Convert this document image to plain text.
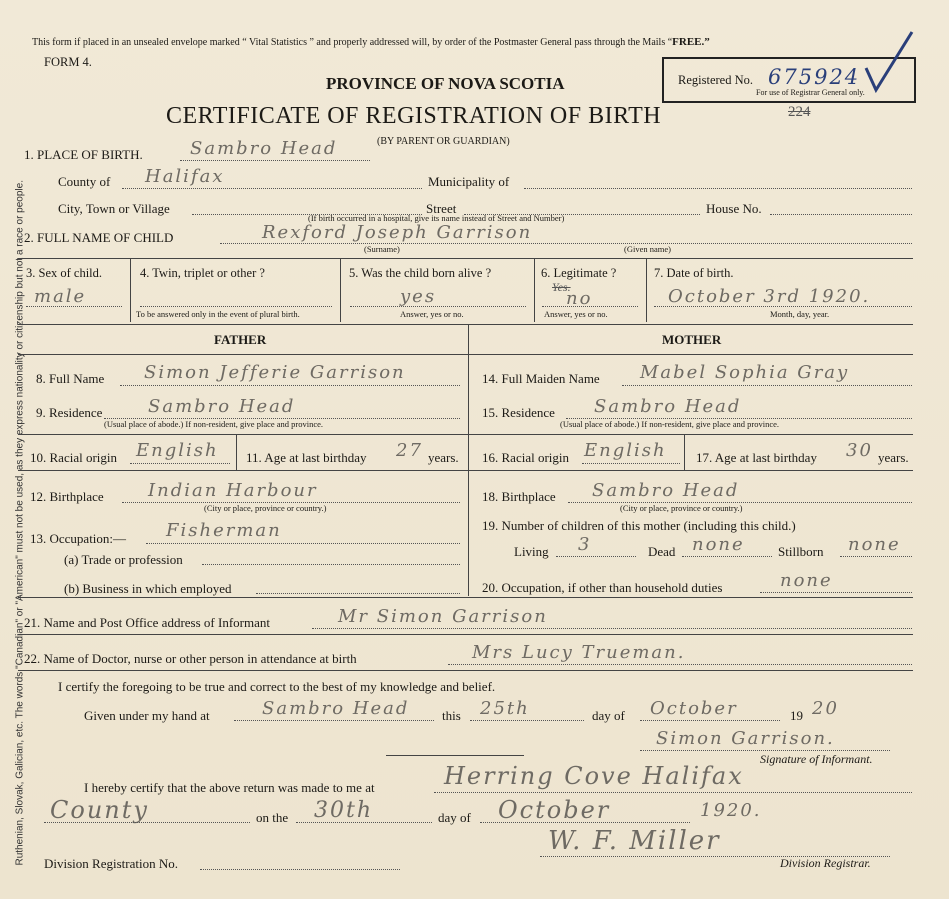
Ruthenian, Slovak, Galician, etc. The words "Canadian" or "American" must not be used, as they express nationality or citizenship but not a race or people.
This form if placed in an unsealed envelope marked “ Vital Statistics ” and properly addressed will, by order of the Postmaster General pass through the Mails “FREE.”
FORM 4.
Registered No. 675924
For use of Registrar General only.
PROVINCE OF NOVA SCOTIA
CERTIFICATE OF REGISTRATION OF BIRTH
(BY PARENT OR GUARDIAN)
224
1. PLACE OF BIRTH.	Sambro Head
County of Halifax	Municipality of
City, Town or Village	Street	House No.
(If birth occurred in a hospital, give its name instead of Street and Number)
2. FULL NAME OF CHILD	Rexford Joseph Garrison
(Surname)	(Given name)
3. Sex of child.
male
4. Twin, triplet or other ?
To be answered only in the event of plural birth.
5. Was the child born alive ?
yes
Answer, yes or no.
6. Legitimate ?
Yes.
no
Answer, yes or no.
7. Date of birth.
October 3rd 1920.
Month, day, year.
FATHER	MOTHER
8. Full Name Simon Jefferie Garrison
9. Residence	Sambro Head
(Usual place of abode.) If non-resident, give place and province.
10. Racial origin English 11. Age at last birthday 27 years.
12. Birthplace Indian Harbour
(City or place, province or country.)
13. Occupation:— Fisherman
(a) Trade or profession
(b) Business in which employed
14. Full Maiden Name Mabel Sophia Gray
15. Residence Sambro Head
(Usual place of abode.) If non-resident, give place and province.
16. Racial origin English 17. Age at last birthday 30 years.
18. Birthplace Sambro Head
(City or place, province or country.)
19. Number of children of this mother (including this child.)
Living 3	Dead none	Stillborn none
20. Occupation, if other than household duties	none
21. Name and Post Office address of Informant	Mr Simon Garrison
22. Name of Doctor, nurse or other person in attendance at birth	Mrs Lucy Trueman.
I certify the foregoing to be true and correct to the best of my knowledge and belief.
Given under my hand at	Sambro Head	this 25th	day of October	19 20
Simon Garrison.
Signature of Informant.
I hereby certify that the above return was made to me at	Herring Cove Halifax
County	on the 30th	day of October	1920.
W. F. Miller
Division Registrar.
Division Registration No.
